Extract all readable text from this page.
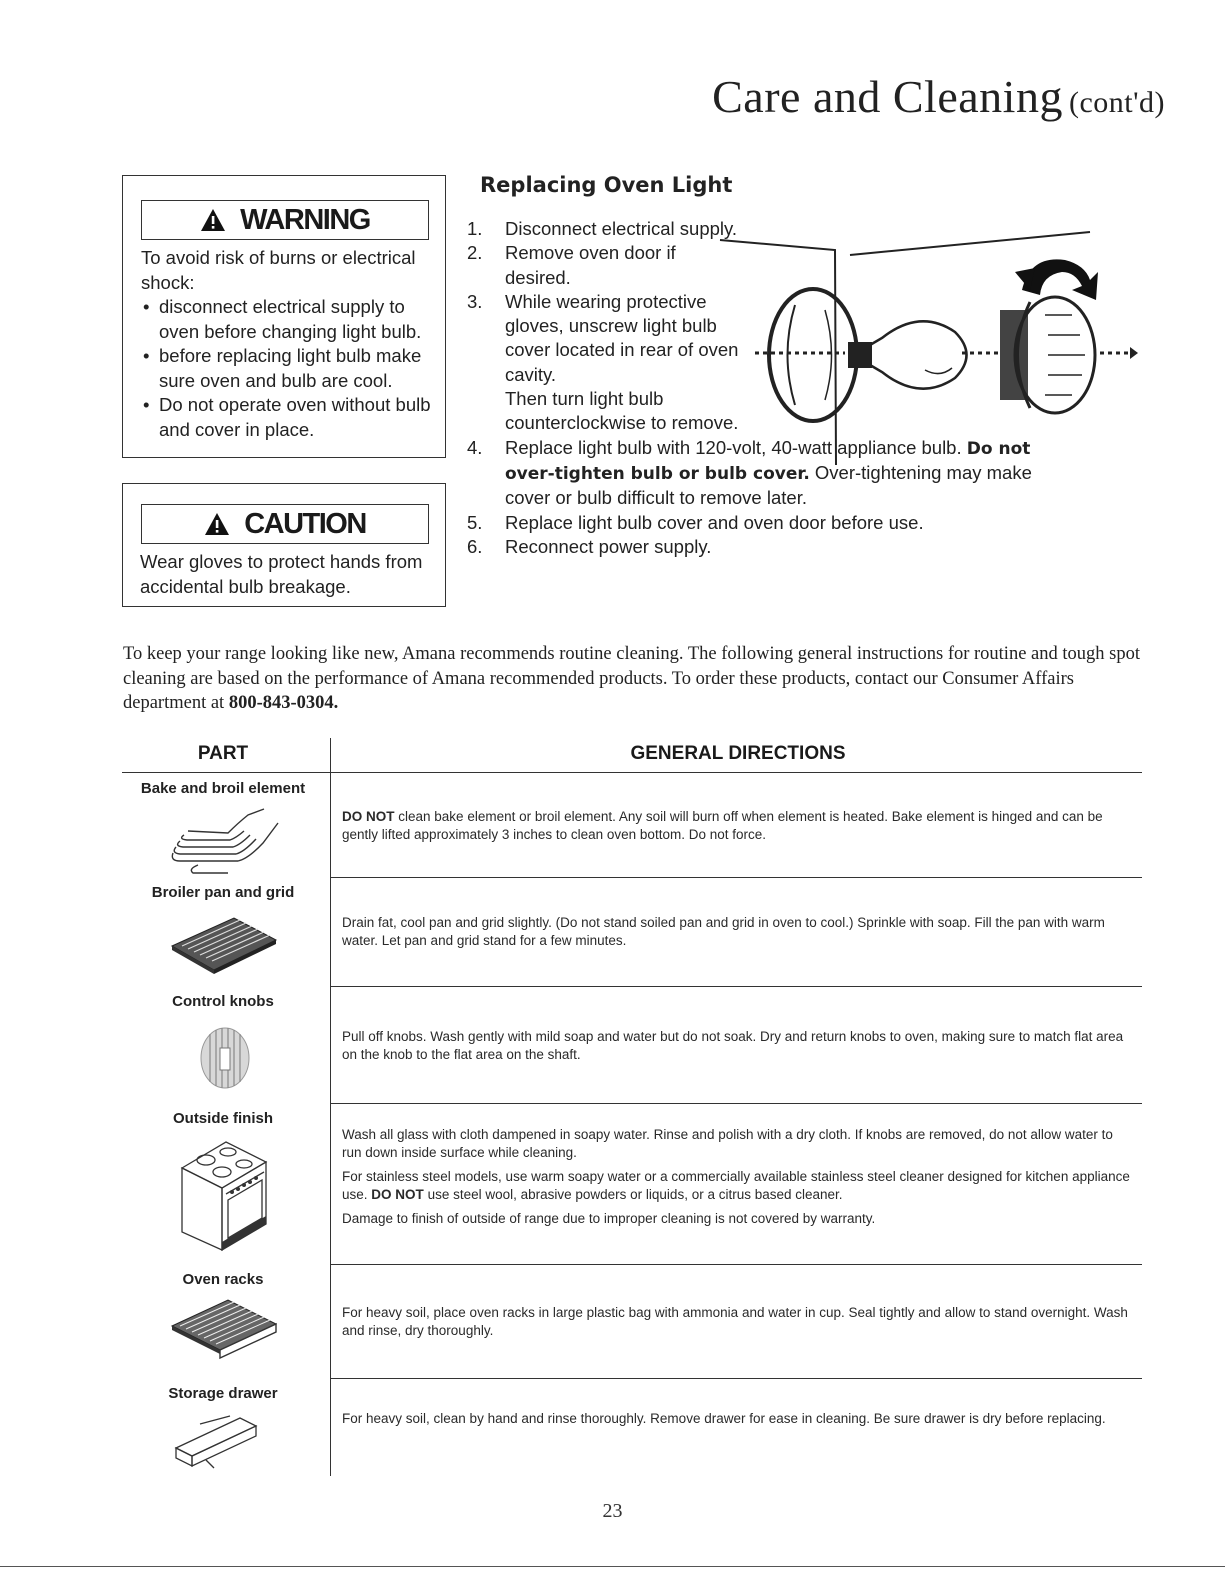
Care and Cleaning (cont'd)
WARNING
To avoid risk of burns or electrical shock:
• disconnect electrical supply to oven before changing light bulb.
• before replacing light bulb make sure oven and bulb are cool.
• Do not operate oven without bulb and cover in place.
CAUTION
Wear gloves to protect hands from accidental bulb breakage.
Replacing Oven Light
1. Disconnect electrical supply.
2. Remove oven door if desired.
3. While wearing protective gloves, unscrew light bulb cover located in rear of oven cavity.
Then turn light bulb counterclockwise to remove.
4. Replace light bulb with 120-volt, 40-watt appliance bulb. Do not over-tighten bulb or bulb cover. Over-tightening may make cover or bulb difficult to remove later.
5. Replace light bulb cover and oven door before use.
6. Reconnect power supply.

To keep your range looking like new, Amana recommends routine cleaning. The following general instructions for routine and tough spot cleaning are based on the performance of Amana recommended products. To order these products, contact our Consumer Affairs department at 800-843-0304.

PART	GENERAL DIRECTIONS
Bake and broil element
DO NOT clean bake element or broil element. Any soil will burn off when element is heated. Bake element is hinged and can be gently lifted approximately 3 inches to clean oven bottom. Do not force.
Broiler pan and grid
Drain fat, cool pan and grid slightly. (Do not stand soiled pan and grid in oven to cool.) Sprinkle with soap. Fill the pan with warm water. Let pan and grid stand for a few minutes.
Control knobs
Pull off knobs. Wash gently with mild soap and water but do not soak. Dry and return knobs to oven, making sure to match flat area on the knob to the flat area on the shaft.
Outside finish

Wash all glass with cloth dampened in soapy water. Rinse and polish with a dry cloth. If knobs are removed, do not allow water to run down inside surface while cleaning.

For stainless steel models, use warm soapy water or a commercially available stainless steel cleaner designed for kitchen appliance use. DO NOT use steel wool, abrasive powders or liquids, or a citrus based cleaner.

Damage to finish of outside of range due to improper cleaning is not covered by warranty.

Oven racks
For heavy soil, place oven racks in large plastic bag with ammonia and water in cup. Seal tightly and allow to stand overnight. Wash and rinse, dry thoroughly.
Storage drawer
For heavy soil, clean by hand and rinse thoroughly. Remove drawer for ease in cleaning. Be sure drawer is dry before replacing.
23
